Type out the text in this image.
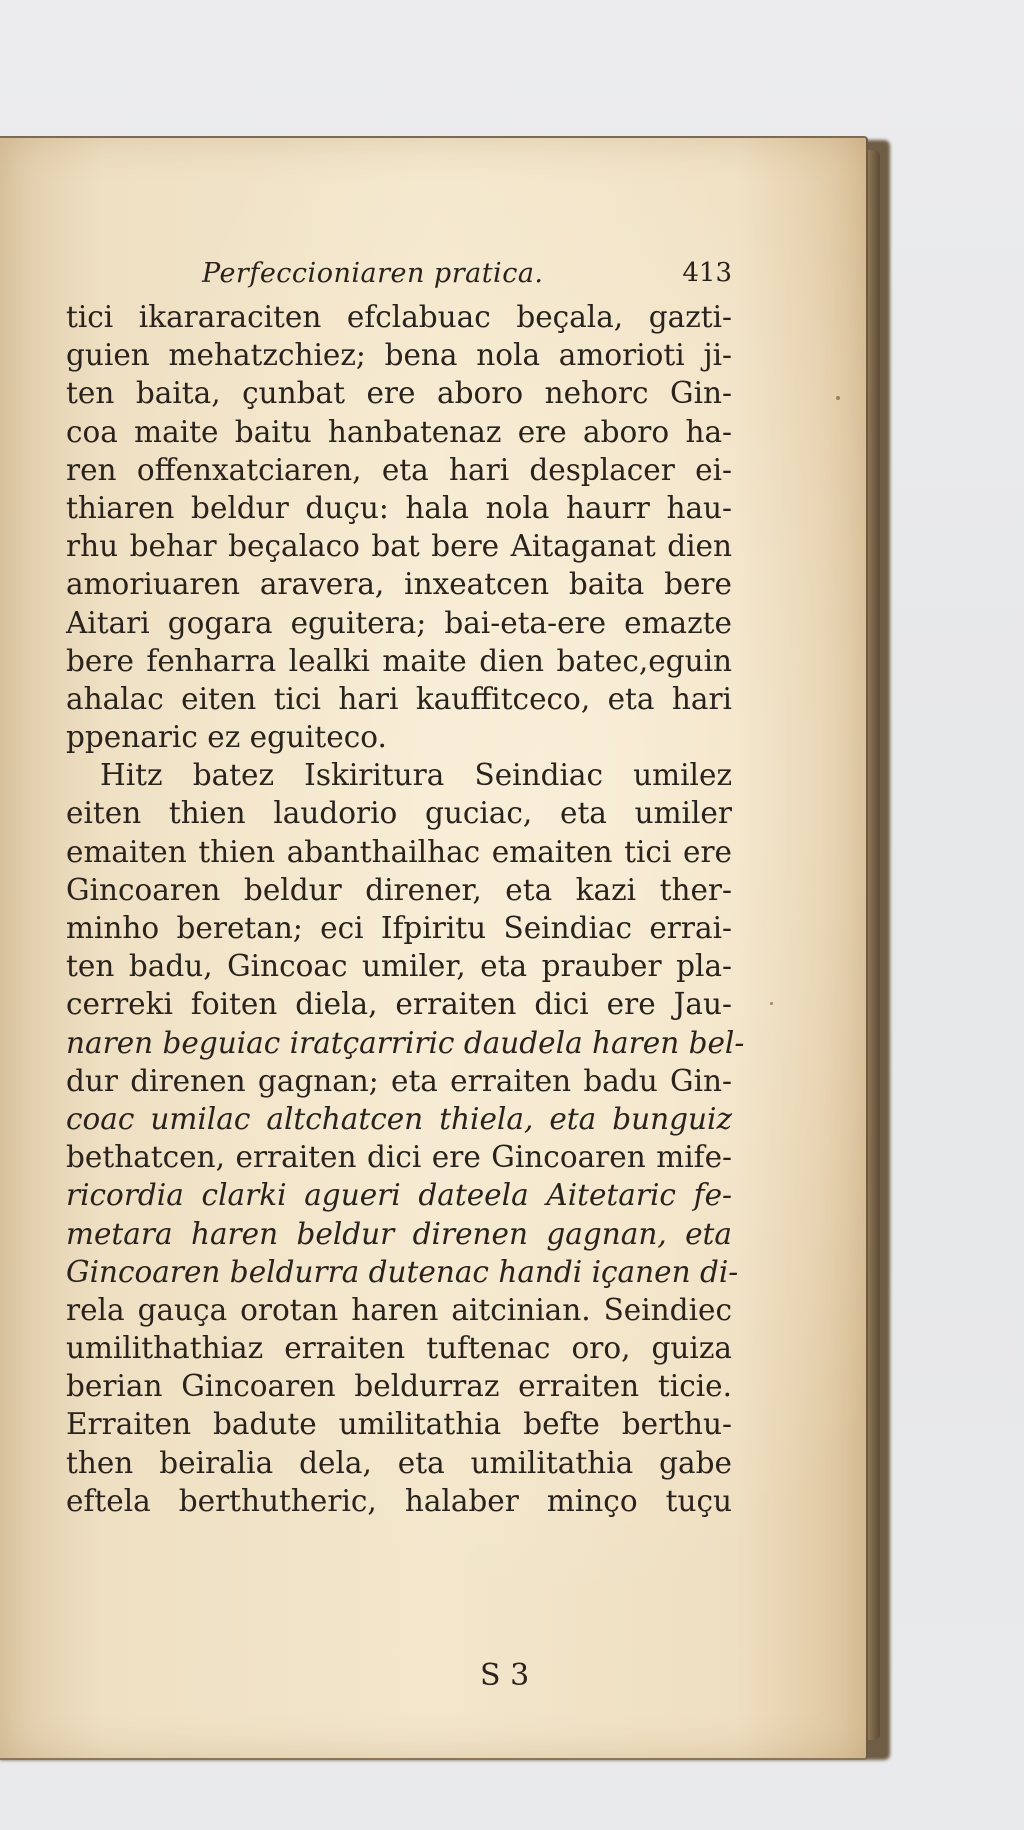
Perfeccioniaren pratica.	413
tici ikararaciten efclabuac beçala, gazti-
guien mehatzchiez; bena nola amorioti ji-
ten baita, çunbat ere aboro nehorc Gin-
coa maite baitu hanbatenaz ere aboro ha-
ren offenxatciaren, eta hari desplacer ei-
thiaren beldur duçu: hala nola haurr hau-
rhu behar beçalaco bat bere Aitaganat dien
amoriuaren aravera, inxeatcen baita bere
Aitari gogara eguitera; bai-eta-ere emazte
bere fenharra lealki maite dien batec,eguin
ahalac eiten tici hari kauffitceco, eta hari
ppenaric ez eguiteco.
Hitz batez Iskiritura Seindiac umilez
eiten thien laudorio guciac, eta umiler
emaiten thien abanthailhac emaiten tici ere
Gincoaren beldur direner, eta kazi ther-
minho beretan; eci Ifpiritu Seindiac errai-
ten badu, Gincoac umiler, eta prauber pla-
cerreki foiten diela, erraiten dici ere Jau-
naren beguiac iratçarriric daudela haren bel-
dur direnen gagnan; eta erraiten badu Gin-
coac umilac altchatcen thiela, eta bunguiz
bethatcen, erraiten dici ere Gincoaren mife-
ricordia clarki agueri dateela Aitetaric fe-
metara haren beldur direnen gagnan, eta
Gincoaren beldurra dutenac handi içanen di-
rela gauça orotan haren aitcinian. Seindiec
umilithathiaz erraiten tuftenac oro, guiza
berian Gincoaren beldurraz erraiten ticie.
Erraiten badute umilitathia befte berthu-
then beiralia dela, eta umilitathia gabe
eftela berthutheric, halaber minço tuçu
S 3
